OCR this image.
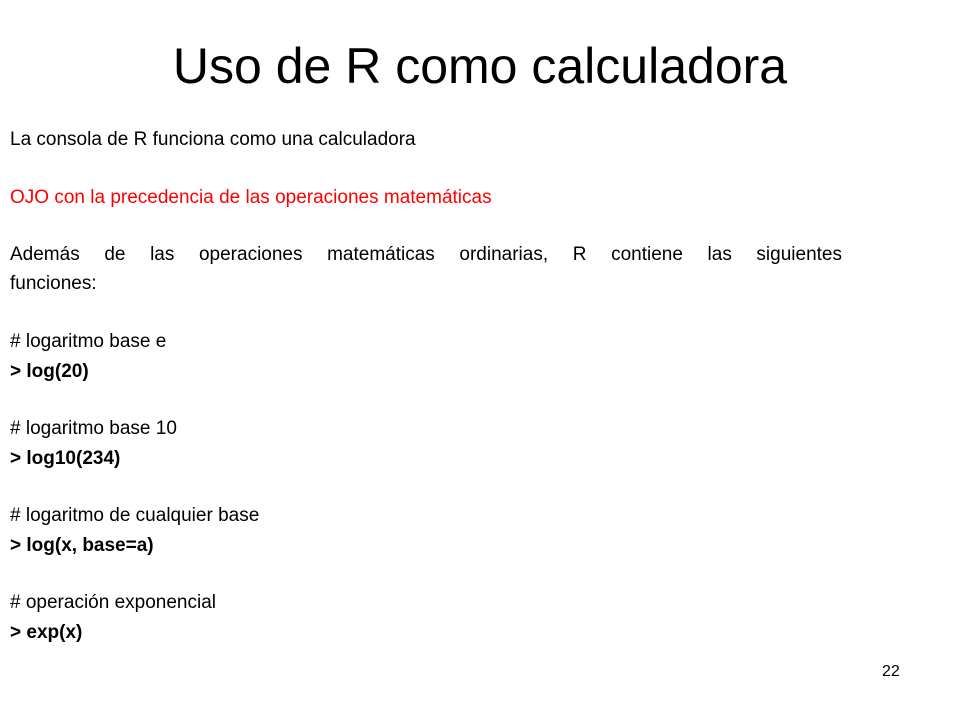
Uso de R como calculadora
La consola de R funciona como una calculadora
OJO con la precedencia de las operaciones matemáticas
Además de las operaciones matemáticas ordinarias, R contiene las siguientes
funciones:
# logaritmo base e
> log(20)
# logaritmo base 10
> log10(234)
# logaritmo de cualquier base
> log(x, base=a)
# operación exponencial
> exp(x)
22
